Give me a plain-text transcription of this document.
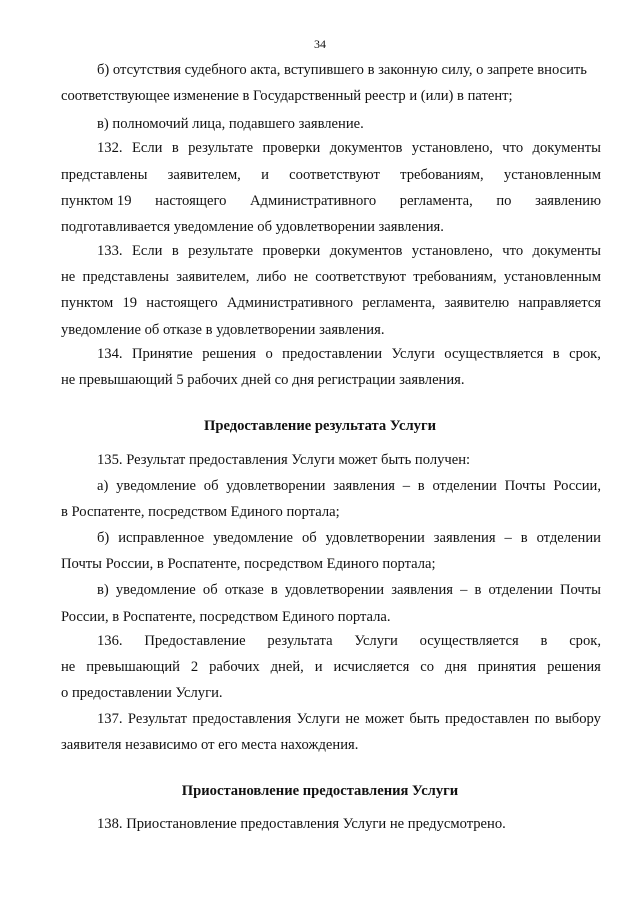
34
б) отсутствия судебного акта, вступившего в законную силу, о запрете вносить
соответствующее изменение в Государственный реестр и (или) в патент;
в) полномочий лица, подавшего заявление.
132. Если в результате проверки документов установлено, что документы
представлены заявителем, и соответствуют требованиям, установленным
пунктом 19 настоящего Административного регламента, по заявлению
подготавливается уведомление об удовлетворении заявления.
133. Если в результате проверки документов установлено, что документы
не представлены заявителем, либо не соответствуют требованиям, установленным
пунктом 19 настоящего Административного регламента, заявителю направляется
уведомление об отказе в удовлетворении заявления.
134. Принятие решения о предоставлении Услуги осуществляется в срок,
не превышающий 5 рабочих дней со дня регистрации заявления.
Предоставление результата Услуги
135. Результат предоставления Услуги может быть получен:
а) уведомление об удовлетворении заявления – в отделении Почты России,
в Роспатенте, посредством Единого портала;
б) исправленное уведомление об удовлетворении заявления – в отделении
Почты России, в Роспатенте, посредством Единого портала;
в) уведомление об отказе в удовлетворении заявления – в отделении Почты
России, в Роспатенте, посредством Единого портала.
136. Предоставление результата Услуги осуществляется в срок,
не превышающий 2 рабочих дней, и исчисляется со дня принятия решения
о предоставлении Услуги.
137. Результат предоставления Услуги не может быть предоставлен по выбору
заявителя независимо от его места нахождения.
Приостановление предоставления Услуги
138. Приостановление предоставления Услуги не предусмотрено.
